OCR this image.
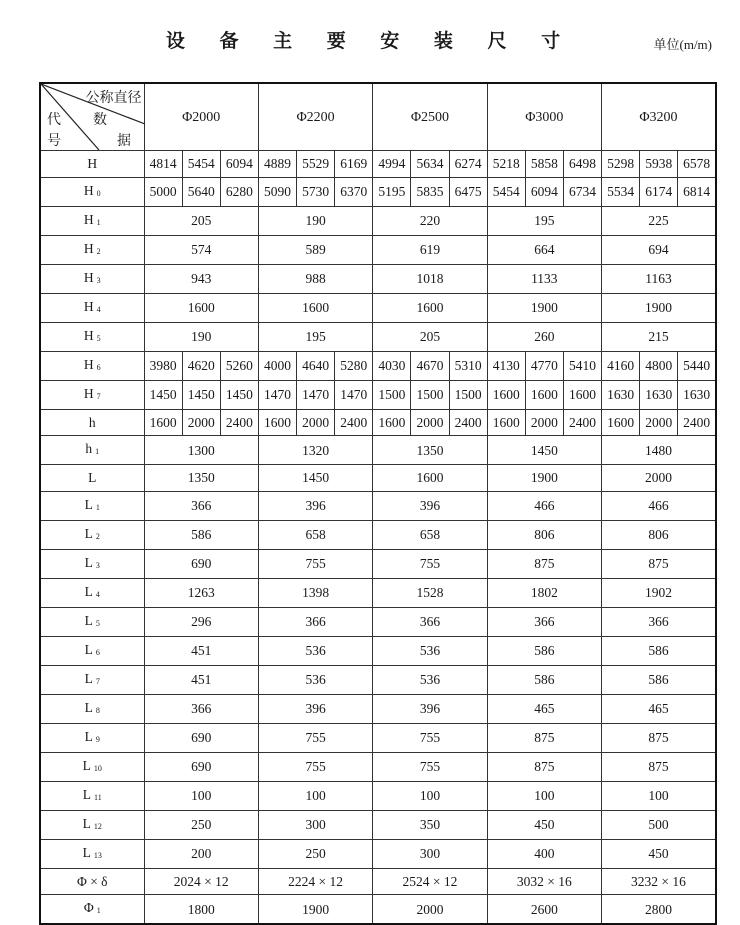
设 备 主 要 安 装 尺 寸	单位(m/m)
公称直径
数
据
代
号	Φ2000			Φ2200			Φ2500			Φ3000			Φ3200		
H	4814	5454	6094	4889	5529	6169	4994	5634	6274	5218	5858	6498	5298	5938	6578
H $_0$	5000	5640	6280	5090	5730	6370	5195	5835	6475	5454	6094	6734	5534	6174	6814
H $_1$	205			190			220			195			225		
H $_2$	574			589			619			664			694		
H $_3$	943			988			1018			1133			1163		
H $_4$	1600			1600			1600			1900			1900		
H $_5$	190			195			205			260			215		
H $_6$	3980	4620	5260	4000	4640	5280	4030	4670	5310	4130	4770	5410	4160	4800	5440
H $_7$	1450	1450	1450	1470	1470	1470	1500	1500	1500	1600	1600	1600	1630	1630	1630
h	1600	2000	2400	1600	2000	2400	1600	2000	2400	1600	2000	2400	1600	2000	2400
h $_1$	1300			1320			1350			1450			1480		
L	1350			1450			1600			1900			2000		
L $_1$	366			396			396			466			466		
L $_2$	586			658			658			806			806		
L $_3$	690			755			755			875			875		
L $_4$	1263			1398			1528			1802			1902		
L $_5$	296			366			366			366			366		
L $_6$	451			536			536			586			586		
L $_7$	451			536			536			586			586		
L $_8$	366			396			396			465			465		
L $_9$	690			755			755			875			875		
L $_{10}$	690			755			755			875			875		
L $_{11}$	100			100			100			100			100		
L $_{12}$	250			300			350			450			500		
L $_{13}$	200			250			300			400			450		
Φ × δ	2024 × 12			2224 × 12			2524 × 12			3032 × 16			3232 × 16		
Φ $_1$	1800			1900			2000			2600			2800		
